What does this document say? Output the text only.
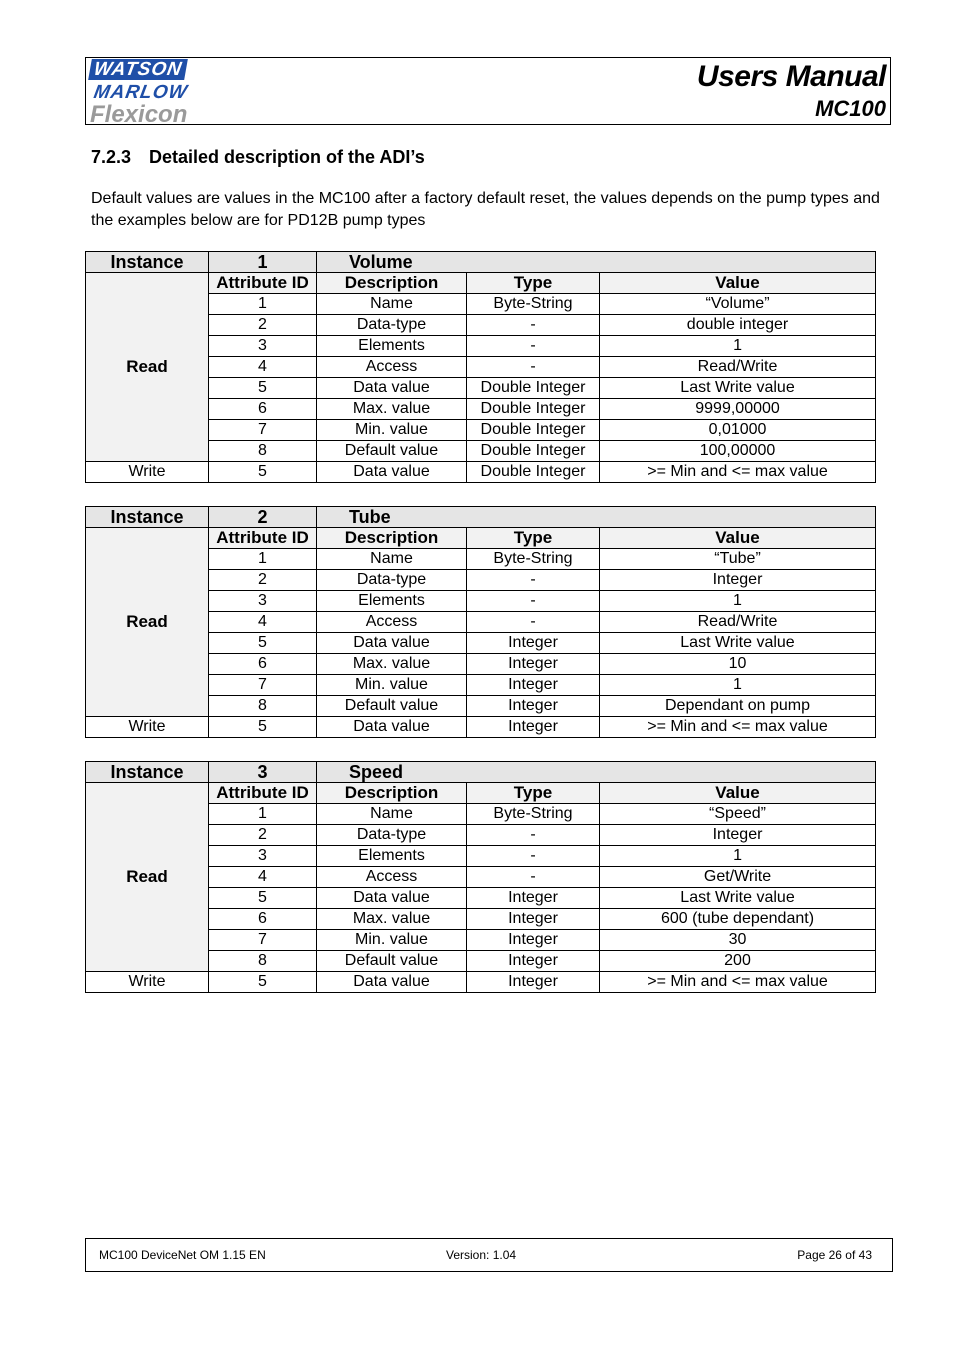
WATSON
MARLOW
Flexicon
Users Manual
MC100
7.2.3 Detailed description of the ADI’s
Default values are values in the MC100 after a factory default reset, the values depends on the pump types and the examples below are for PD12B pump types
Instance	1	Volume		
Read	Attribute ID	Description	Type	Value
	1	Name	Byte-String	“Volume”
	2	Data-type	-	double integer
	3	Elements	-	1
	4	Access	-	Read/Write
	5	Data value	Double Integer	Last Write value
	6	Max. value	Double Integer	9999,00000
	7	Min. value	Double Integer	0,01000
	8	Default value	Double Integer	100,00000
Write	5	Data value	Double Integer	>= Min and <= max value
Instance	2	Tube		
Read	Attribute ID	Description	Type	Value
	1	Name	Byte-String	“Tube”
	2	Data-type	-	Integer
	3	Elements	-	1
	4	Access	-	Read/Write
	5	Data value	Integer	Last Write value
	6	Max. value	Integer	10
	7	Min. value	Integer	1
	8	Default value	Integer	Dependant on pump
Write	5	Data value	Integer	>= Min and <= max value
Instance	3	Speed		
Read	Attribute ID	Description	Type	Value
	1	Name	Byte-String	“Speed”
	2	Data-type	-	Integer
	3	Elements	-	1
	4	Access	-	Get/Write
	5	Data value	Integer	Last Write value
	6	Max. value	Integer	600 (tube dependant)
	7	Min. value	Integer	30
	8	Default value	Integer	200
Write	5	Data value	Integer	>= Min and <= max value
MC100 DeviceNet OM 1.15 EN	Version: 1.04	Page 26 of 43
